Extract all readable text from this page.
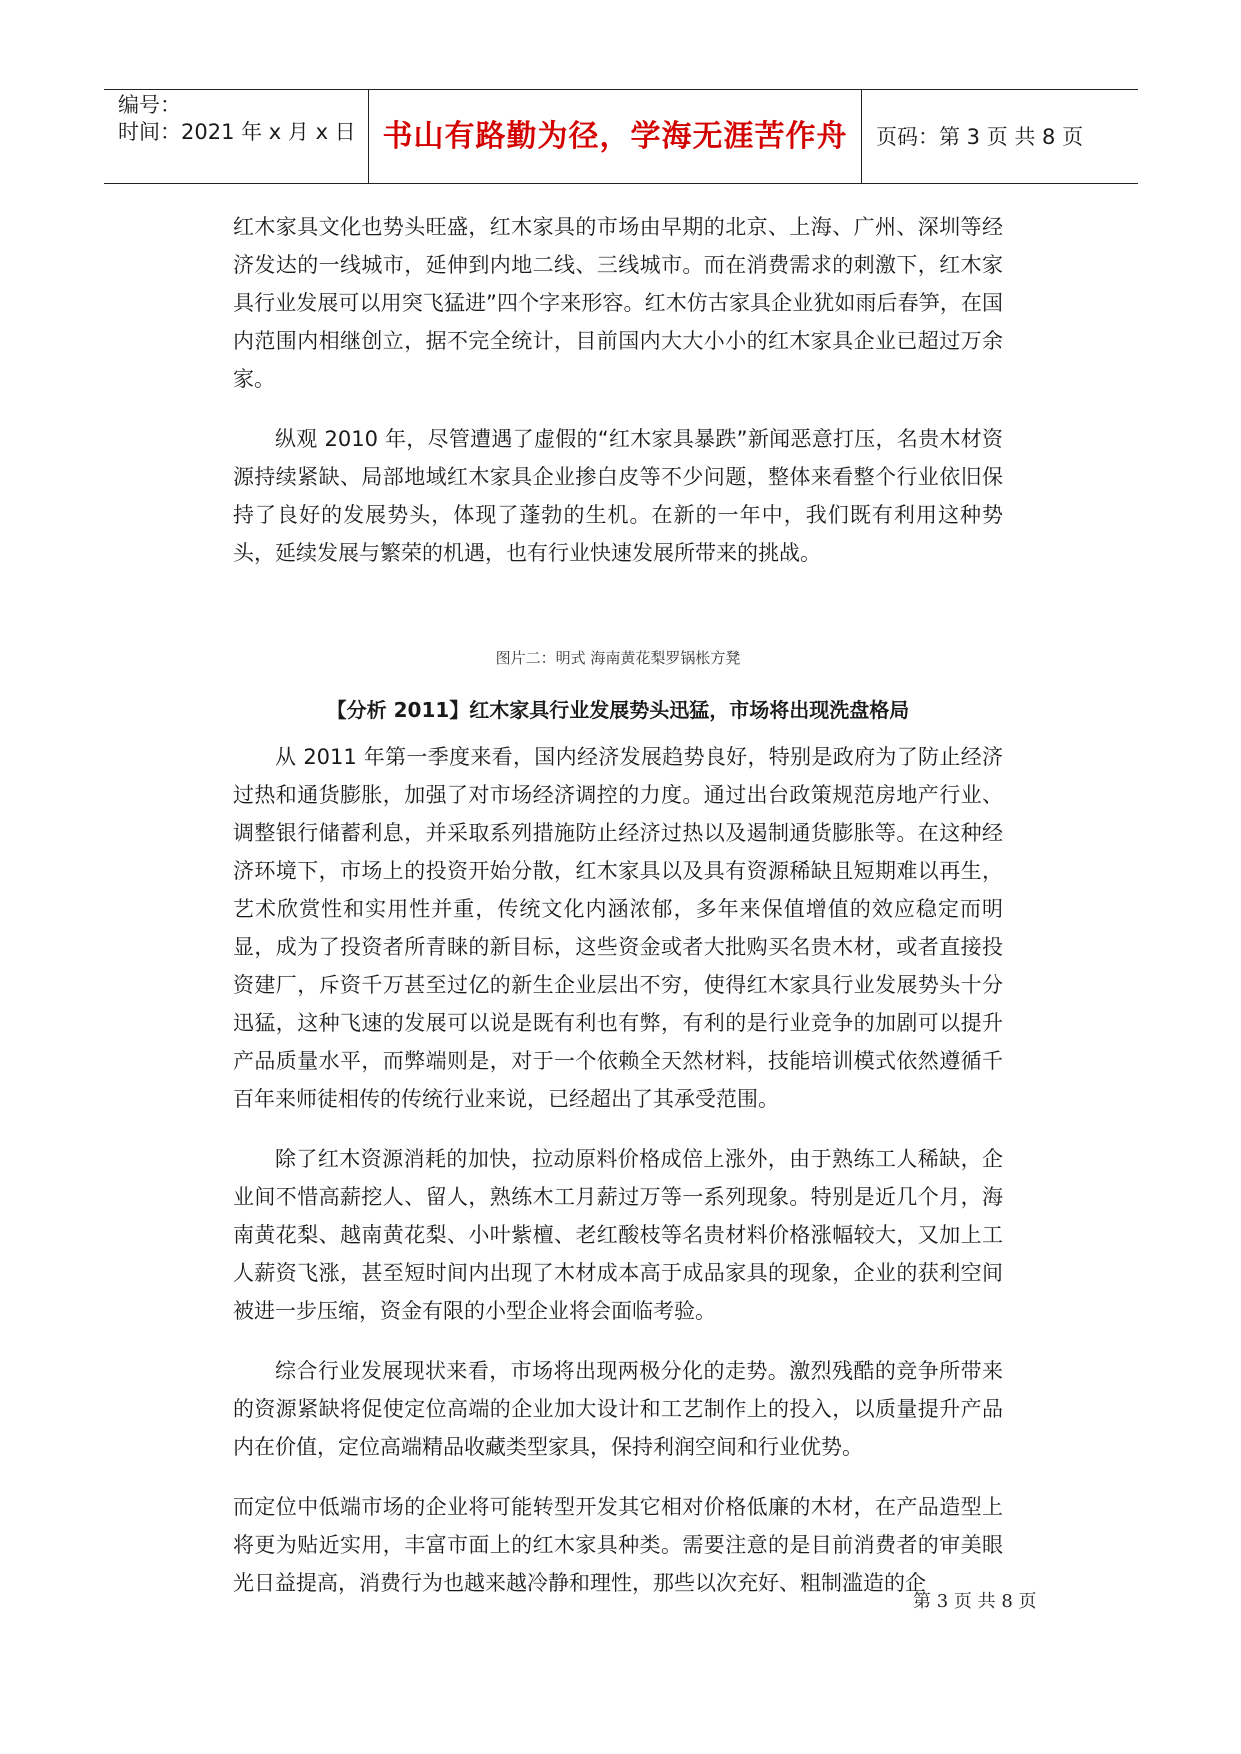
编号：
时间：2021 年 x 月 x 日 书山有路勤为径，学海无涯苦作舟	页码：第 3 页 共 8 页

红木家具文化也势头旺盛，红木家具的市场由早期的北京、上海、广州、深圳等经济发达的一线城市，延伸到内地二线、三线城市。而在消费需求的刺激下，红木家具行业发展可以用突飞猛进”四个字来形容。红木仿古家具企业犹如雨后春笋，在国内范围内相继创立，据不完全统计，目前国内大大小小的红木家具企业已超过万余家。

纵观 2010 年，尽管遭遇了虚假的“红木家具暴跌”新闻恶意打压，名贵木材资源持续紧缺、局部地域红木家具企业掺白皮等不少问题，整体来看整个行业依旧保持了良好的发展势头，体现了蓬勃的生机。在新的一年中，我们既有利用这种势头，延续发展与繁荣的机遇，也有行业快速发展所带来的挑战。

图片二：明式 海南黄花梨罗锅枨方凳
【分析 2011】红木家具行业发展势头迅猛，市场将出现洗盘格局

从 2011 年第一季度来看，国内经济发展趋势良好，特别是政府为了防止经济过热和通货膨胀，加强了对市场经济调控的力度。通过出台政策规范房地产行业、调整银行储蓄利息，并采取系列措施防止经济过热以及遏制通货膨胀等。在这种经济环境下，市场上的投资开始分散，红木家具以及具有资源稀缺且短期难以再生，艺术欣赏性和实用性并重，传统文化内涵浓郁，多年来保值增值的效应稳定而明显，成为了投资者所青睐的新目标，这些资金或者大批购买名贵木材，或者直接投资建厂，斥资千万甚至过亿的新生企业层出不穷，使得红木家具行业发展势头十分迅猛，这种飞速的发展可以说是既有利也有弊，有利的是行业竞争的加剧可以提升产品质量水平，而弊端则是，对于一个依赖全天然材料，技能培训模式依然遵循千百年来师徒相传的传统行业来说，已经超出了其承受范围。

除了红木资源消耗的加快，拉动原料价格成倍上涨外，由于熟练工人稀缺，企业间不惜高薪挖人、留人，熟练木工月薪过万等一系列现象。特别是近几个月，海南黄花梨、越南黄花梨、小叶紫檀、老红酸枝等名贵材料价格涨幅较大，又加上工人薪资飞涨，甚至短时间内出现了木材成本高于成品家具的现象，企业的获利空间被进一步压缩，资金有限的小型企业将会面临考验。

综合行业发展现状来看，市场将出现两极分化的走势。激烈残酷的竞争所带来的资源紧缺将促使定位高端的企业加大设计和工艺制作上的投入，以质量提升产品内在价值，定位高端精品收藏类型家具，保持利润空间和行业优势。

而定位中低端市场的企业将可能转型开发其它相对价格低廉的木材，在产品造型上将更为贴近实用，丰富市面上的红木家具种类。需要注意的是目前消费者的审美眼光日益提高，消费行为也越来越冷静和理性，那些以次充好、粗制滥造的企

第 3 页 共 8 页
